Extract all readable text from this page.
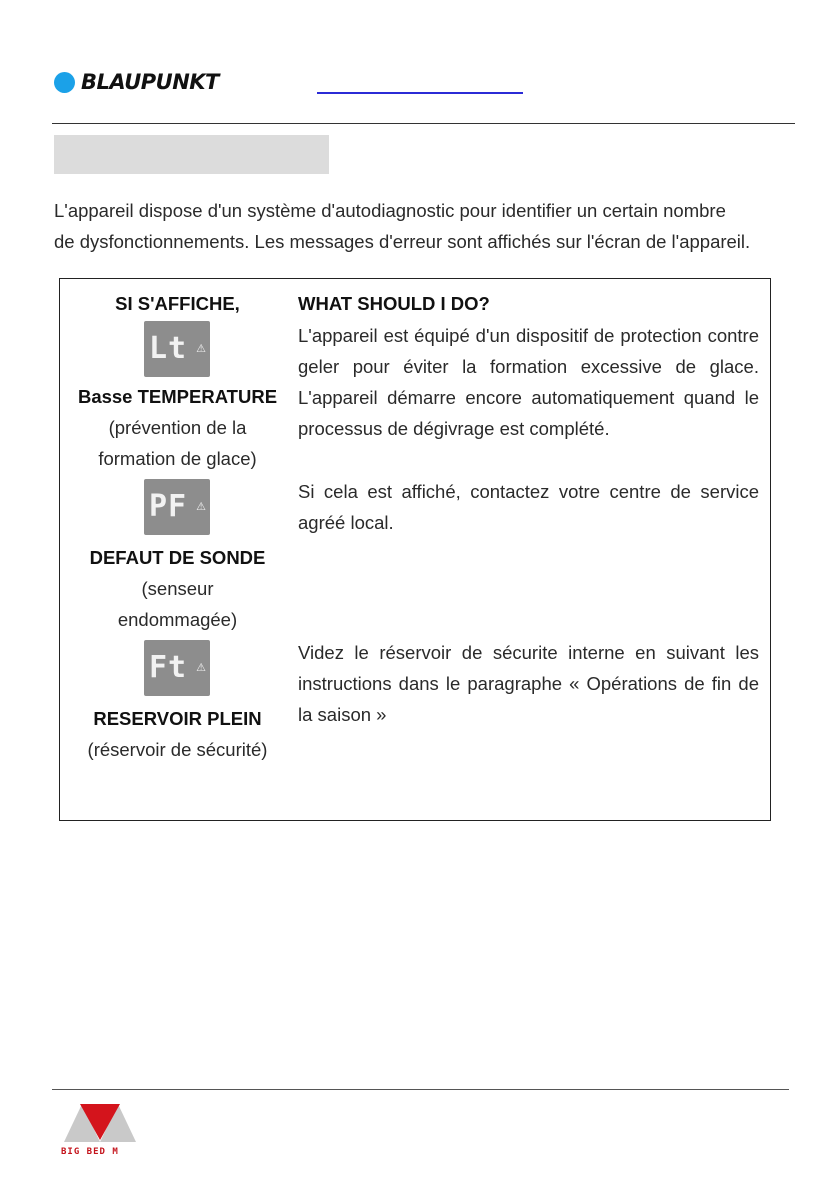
BLAUPUNKT

L'appareil dispose d'un système d'autodiagnostic pour identifier un certain nombre

de dysfonctionnements. Les messages d'erreur sont affichés sur l'écran de l'appareil.

SI S'AFFICHE,
Lt ⚠
Basse TEMPERATURE
(prévention de la
formation de glace)
PF ⚠
DEFAUT DE SONDE
(senseur
endommagée)
Ft ⚠
RESERVOIR PLEIN
(réservoir de sécurité)
WHAT SHOULD I DO?
L'appareil est équipé d'un dispositif de protection contre geler pour éviter la formation excessive de glace. L'appareil démarre encore automatiquement quand le processus de dégivrage est complété.
Si cela est affiché, contactez votre centre de service agréé local.
Videz le réservoir de sécurite interne en suivant les instructions dans le paragraphe « Opérations de fin de la saison »
BIG BED M
